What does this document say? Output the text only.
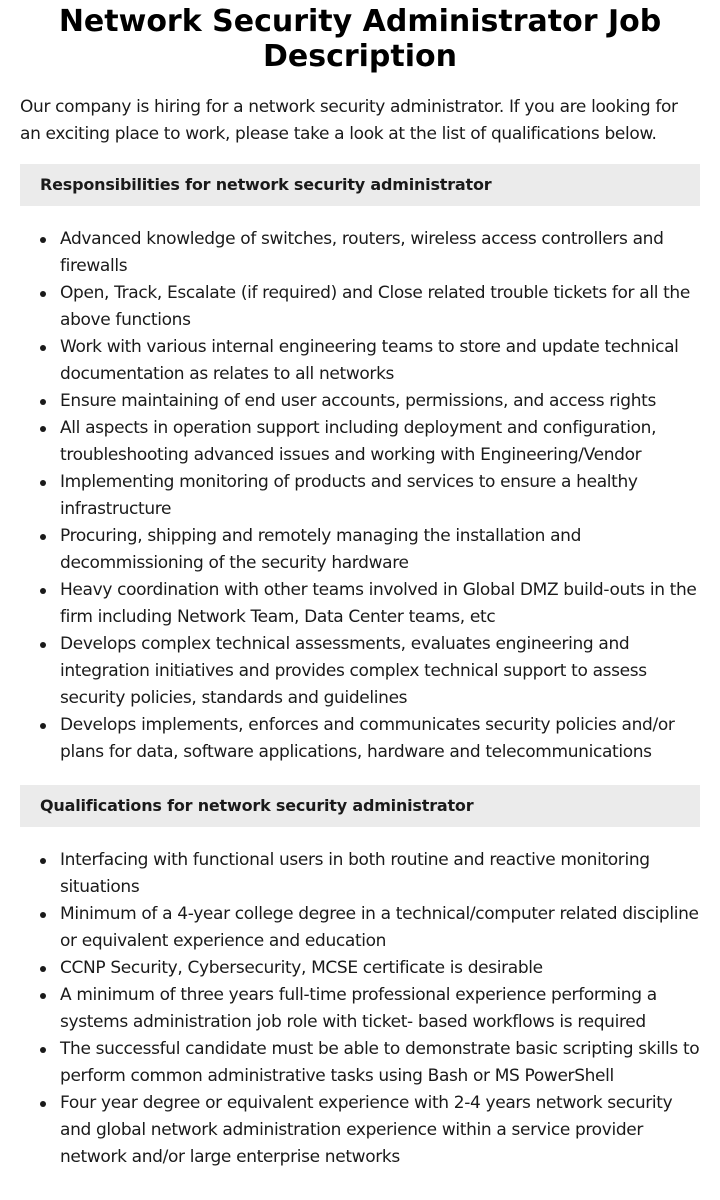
Network Security Administrator Job Description

Our company is hiring for a network security administrator. If you are looking for an exciting place to work, please take a look at the list of qualifications below.

Responsibilities for network security administrator
Advanced knowledge of switches, routers, wireless access controllers and firewalls
Open, Track, Escalate (if required) and Close related trouble tickets for all the above functions
Work with various internal engineering teams to store and update technical documentation as relates to all networks
Ensure maintaining of end user accounts, permissions, and access rights
All aspects in operation support including deployment and configuration, troubleshooting advanced issues and working with Engineering/Vendor
Implementing monitoring of products and services to ensure a healthy infrastructure
Procuring, shipping and remotely managing the installation and decommissioning of the security hardware
Heavy coordination with other teams involved in Global DMZ build-outs in the firm including Network Team, Data Center teams, etc
Develops complex technical assessments, evaluates engineering and integration initiatives and provides complex technical support to assess security policies, standards and guidelines
Develops implements, enforces and communicates security policies and/or plans for data, software applications, hardware and telecommunications
Qualifications for network security administrator
Interfacing with functional users in both routine and reactive monitoring situations
Minimum of a 4-year college degree in a technical/computer related discipline or equivalent experience and education
CCNP Security, Cybersecurity, MCSE certificate is desirable
A minimum of three years full-time professional experience performing a systems administration job role with ticket- based workflows is required
The successful candidate must be able to demonstrate basic scripting skills to perform common administrative tasks using Bash or MS PowerShell
Four year degree or equivalent experience with 2-4 years network security and global network administration experience within a service provider network and/or large enterprise networks
